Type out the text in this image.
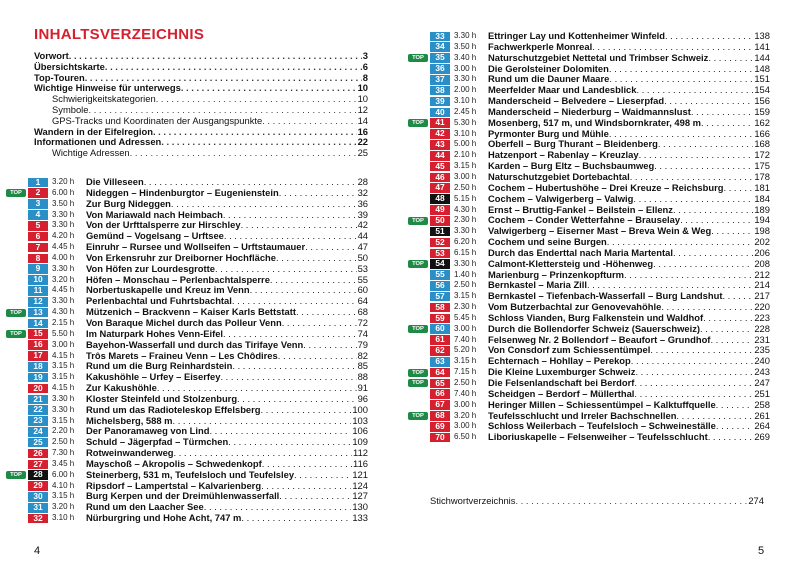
INHALTSVERZEICHNIS
Vorwort . . .	3
Übersichtskarte . . .	6
Top-Touren . . .	8
Wichtige Hinweise für unterwegs . . .	10
Schwierigkeitskategorien . . .	10
Symbole . . .	12
GPS-Tracks und Koordinaten der Ausgangspunkte . . .	14
Wandern in der Eifelregion . . .	16
Informationen und Adressen . . .	22
Wichtige Adressen . . .	25
1	3.20 h	Die Villeseen . . .	28
TOP	2	6.00 h	Nideggen – Hindenburgtor – Eugenienstein . . .	32
3	3.50 h	Zur Burg Nideggen . . .	36
4	3.30 h	Von Mariawald nach Heimbach . . .	39
5	3.30 h	Von der Urfttalsperre zur Hirschley . . .	42
6	4.20 h	Gemünd – Vogelsang – Urftsee . . .	44
7	4.45 h	Einruhr – Rursee und Wollseifen – Urftstaumauer . . .	47
8	4.00 h	Von Erkensruhr zur Dreiborner Hochfläche . . .	50
9	3.30 h	Von Höfen zur Lourdesgrotte . . .	53
10	3.20 h	Höfen – Monschau – Perlenbachtalsperre . . .	55
11	4.45 h	Norbertuskapelle und Kreuz im Venn . . .	60
12	3.30 h	Perlenbachtal und Fuhrtsbachtal . . .	64
TOP	13	4.30 h	Mützenich – Brackvenn – Kaiser Karls Bettstatt . . .	68
14	2.15 h	Von Baraque Michel durch das Polleur Venn . . .	72
TOP	15	5.50 h	Im Naturpark Hohes Venn-Eifel . . .	74
16	3.00 h	Bayehon-Wasserfall und durch das Tirifaye Venn . . .	79
17	4.15 h	Trôs Marets – Fraineu Venn – Les Chôdires . . .	82
18	3.15 h	Rund um die Burg Reinhardstein . . .	85
19	3.15 h	Kakushöhle – Urfey – Eiserfey . . .	88
20	4.15 h	Zur Kakushöhle . . .	91
21	3.30 h	Kloster Steinfeld und Stolzenburg . . .	96
22	3.30 h	Rund um das Radioteleskop Effelsberg . . .	100
23	3.15 h	Michelsberg, 588 m . . .	103
24	2.20 h	Der Panoramaweg von Lind . . .	106
25	2.50 h	Schuld – Jägerpfad – Türmchen . . .	109
26	7.30 h	Rotweinwanderweg . . .	112
27	3.45 h	Mayschoß – Akropolis – Schwedenkopf . . .	116
TOP	28	6.00 h	Steinerberg, 531 m, Teufelsloch und Teufelsley . . .	121
29	4.10 h	Ripsdorf – Lampertstal – Kalvarienberg . . .	124
30	3.15 h	Burg Kerpen und der Dreimühlenwasserfall . . .	127
31	3.20 h	Rund um den Laacher See . . .	130
32	3.10 h	Nürburgring und Hohe Acht, 747 m . . .	133
4
33	3.30 h	Ettringer Lay und Kottenheimer Winfeld . . .	138
34	3.50 h	Fachwerkperle Monreal . . .	141
TOP	35	3.40 h	Naturschutzgebiet Nettetal und Trimbser Schweiz . . .	144
36	3.00 h	Die Gerolsteiner Dolomiten . . .	148
37	3.30 h	Rund um die Dauner Maare . . .	151
38	2.00 h	Meerfelder Maar und Landesblick . . .	154
39	3.10 h	Manderscheid – Belvedere – Lieserpfad . . .	156
40	2.45 h	Manderscheid – Niederburg – Waidmannslust . . .	159
TOP	41	5.30 h	Mosenberg, 517 m, und Windsbornkrater, 498 m . . .	162
42	3.10 h	Pyrmonter Burg und Mühle . . .	166
43	5.00 h	Oberfell – Burg Thurant – Bleidenberg . . .	168
44	2.10 h	Hatzenport – Rabenlay – Kreuzlay . . .	172
45	3.15 h	Karden – Burg Eltz – Buchsbaumweg . . .	175
46	3.00 h	Naturschutzgebiet Dortebachtal . . .	178
47	2.50 h	Cochem – Hubertushöhe – Drei Kreuze – Reichsburg . . .	181
48	5.15 h	Cochem – Valwigerberg – Valwig . . .	184
49	4.30 h	Ernst – Bruttig-Fankel – Beilstein – Ellenz . . .	189
TOP	50	2.30 h	Cochem – Conder Wetterfahne – Brauselay . . .	194
51	3.30 h	Valwigerberg – Eiserner Mast – Breva Wein & Weg . . .	198
52	6.20 h	Cochem und seine Burgen . . .	202
53	6.15 h	Durch das Enderttal nach Maria Martental . . .	206
TOP	54	3.30 h	Calmont-Klettersteig und -Höhenweg . . .	208
55	1.40 h	Marienburg – Prinzenkopfturm . . .	212
56	2.50 h	Bernkastel – Maria Zill . . .	214
57	3.15 h	Bernkastel – Tiefenbach-Wasserfall – Burg Landshut . . .	217
58	2.30 h	Vom Butzerbachtal zur Genovevahöhle . . .	220
59	5.45 h	Schloss Vianden, Burg Falkenstein und Waldhof . . .	223
TOP	60	3.00 h	Durch die Bollendorfer Schweiz (Sauerschweiz) . . .	228
61	7.40 h	Felsenweg Nr. 2 Bollendorf – Beaufort – Grundhof . . .	231
62	5.20 h	Von Consdorf zum Schiessentümpel . . .	235
63	3.15 h	Echternach – Hohllay – Perekop . . .	240
TOP	64	7.15 h	Die Kleine Luxemburger Schweiz . . .	243
TOP	65	2.50 h	Die Felsenlandschaft bei Berdorf . . .	247
66	7.40 h	Scheidgen – Berdorf – Müllerthal . . .	251
67	3.00 h	Heringer Millen – Schiessentümpel – Kalktuffquelle . . .	258
TOP	68	3.20 h	Teufelsschlucht und Irreler Bachschnellen . . .	261
69	3.00 h	Schloss Weilerbach – Teufelsloch – Schweineställe . . .	264
70	6.50 h	Liboriuskapelle – Felsenweiher – Teufelsschlucht . . .	269
Stichwortverzeichnis . . .	274
5
